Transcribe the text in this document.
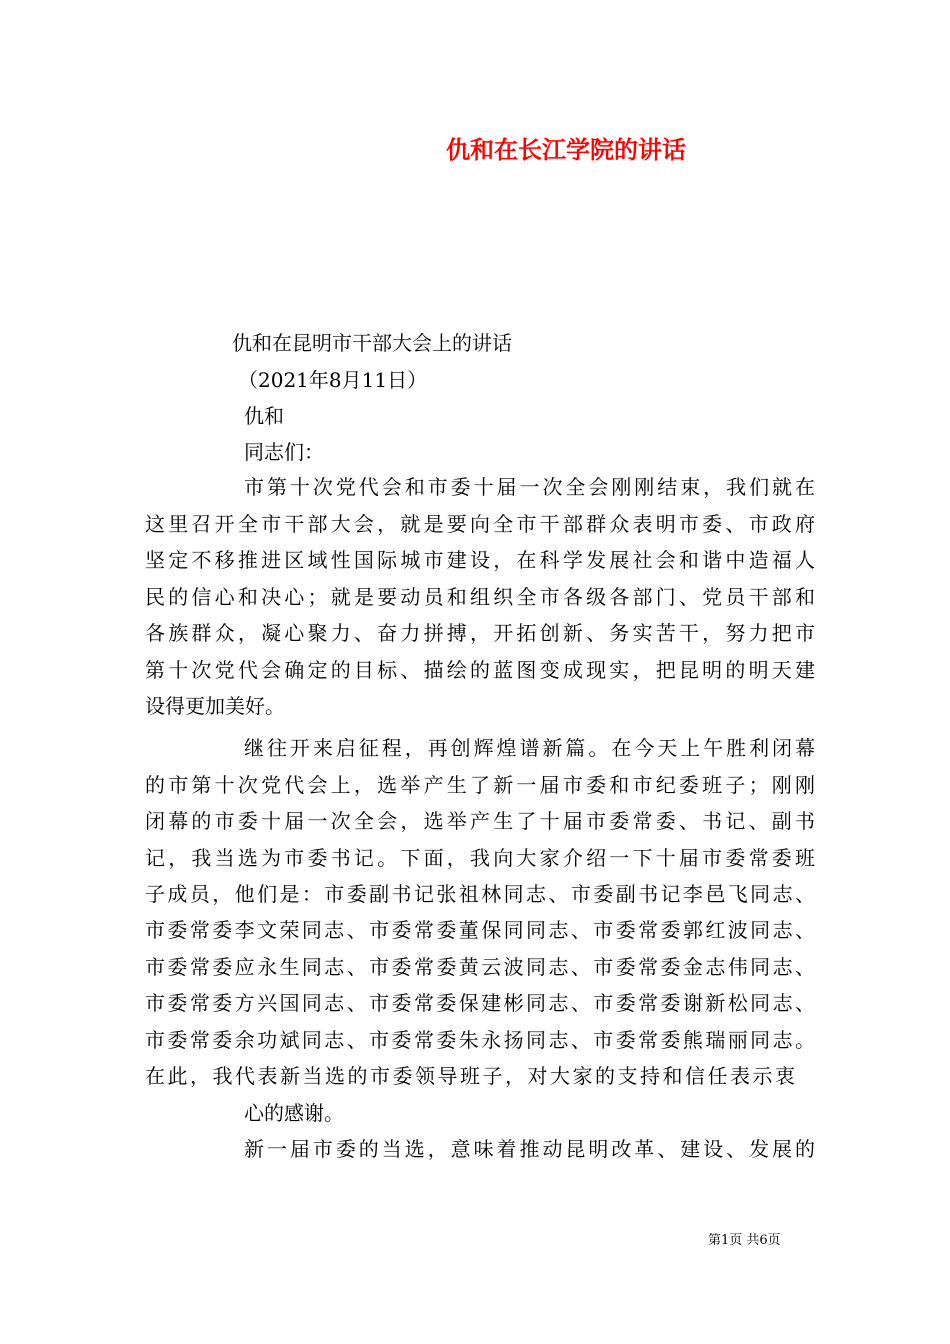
仇和在长江学院的讲话
仇和在昆明市干部大会上的讲话
（2021年8月11日）
仇和
同志们：
市第十次党代会和市委十届一次全会刚刚结束，我们就在
这里召开全市干部大会，就是要向全市干部群众表明市委、市政府
坚定不移推进区域性国际城市建设，在科学发展社会和谐中造福人
民的信心和决心；就是要动员和组织全市各级各部门、党员干部和
各族群众，凝心聚力、奋力拼搏，开拓创新、务实苦干，努力把市
第十次党代会确定的目标、描绘的蓝图变成现实，把昆明的明天建
设得更加美好。
继往开来启征程，再创辉煌谱新篇。在今天上午胜利闭幕
的市第十次党代会上，选举产生了新一届市委和市纪委班子；刚刚
闭幕的市委十届一次全会，选举产生了十届市委常委、书记、副书
记，我当选为市委书记。下面，我向大家介绍一下十届市委常委班
子成员，他们是：市委副书记张祖林同志、市委副书记李邑飞同志、
市委常委李文荣同志、市委常委董保同同志、市委常委郭红波同志、
市委常委应永生同志、市委常委黄云波同志、市委常委金志伟同志、
市委常委方兴国同志、市委常委保建彬同志、市委常委谢新松同志、
市委常委余功斌同志、市委常委朱永扬同志、市委常委熊瑞丽同志。
在此，我代表新当选的市委领导班子，对大家的支持和信任表示衷
心的感谢。
新一届市委的当选，意味着推动昆明改革、建设、发展的
第1页 共6页
